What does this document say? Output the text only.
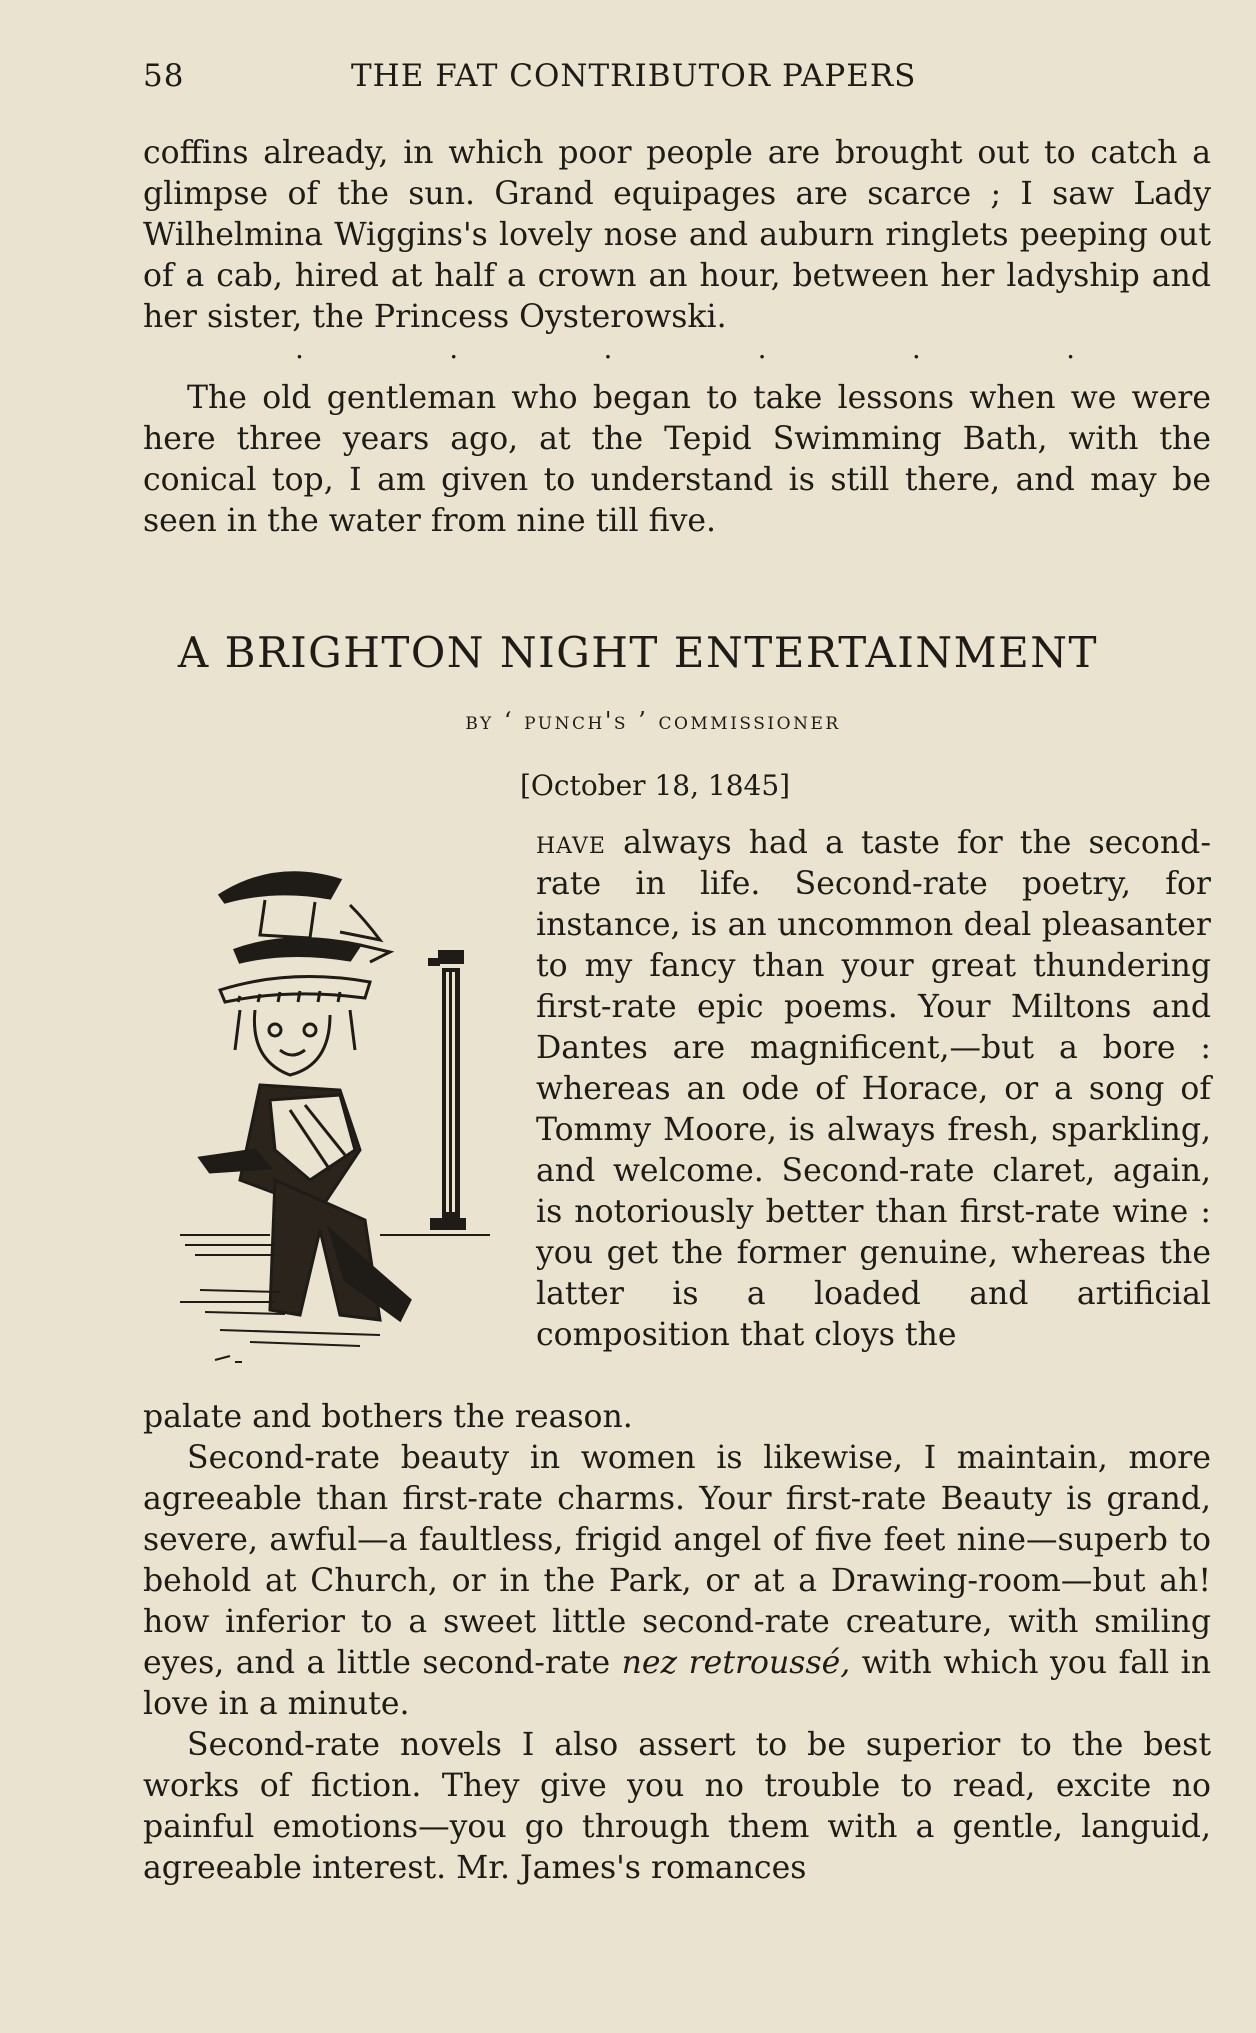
58	THE FAT CONTRIBUTOR PAPERS

coffins already, in which poor people are brought out to catch a glimpse of the sun. Grand equipages are scarce ; I saw Lady Wilhelmina Wiggins's lovely nose and auburn ringlets peeping out of a cab, hired at half a crown an hour, between her ladyship and her sister, the Princess Oysterowski.

.	.	.	.	.	.

The old gentleman who began to take lessons when we were here three years ago, at the Tepid Swimming Bath, with the conical top, I am given to understand is still there, and may be seen in the water from nine till five.

A BRIGHTON NIGHT ENTERTAINMENT
by ‘ punch's ’ commissioner
[October 18, 1845]

have always had a taste for the second-rate in life. Second-rate poetry, for instance, is an uncommon deal pleasanter to my fancy than your great thundering first-rate epic poems. Your Miltons and Dantes are magnificent,—but a bore : whereas an ode of Horace, or a song of Tommy Moore, is always fresh, sparkling, and welcome. Second-rate claret, again, is notoriously better than first-rate wine : you get the former genuine, whereas the latter is a loaded and artificial composition that cloys the

palate and bothers the reason.

Second-rate beauty in women is likewise, I maintain, more agreeable than first-rate charms. Your first-rate Beauty is grand, severe, awful—a faultless, frigid angel of five feet nine—superb to behold at Church, or in the Park, or at a Drawing-room—but ah! how inferior to a sweet little second-rate creature, with smiling eyes, and a little second-rate nez retroussé, with which you fall in love in a minute.

Second-rate novels I also assert to be superior to the best works of fiction. They give you no trouble to read, excite no painful emotions—you go through them with a gentle, languid, agreeable interest. Mr. James's romances
